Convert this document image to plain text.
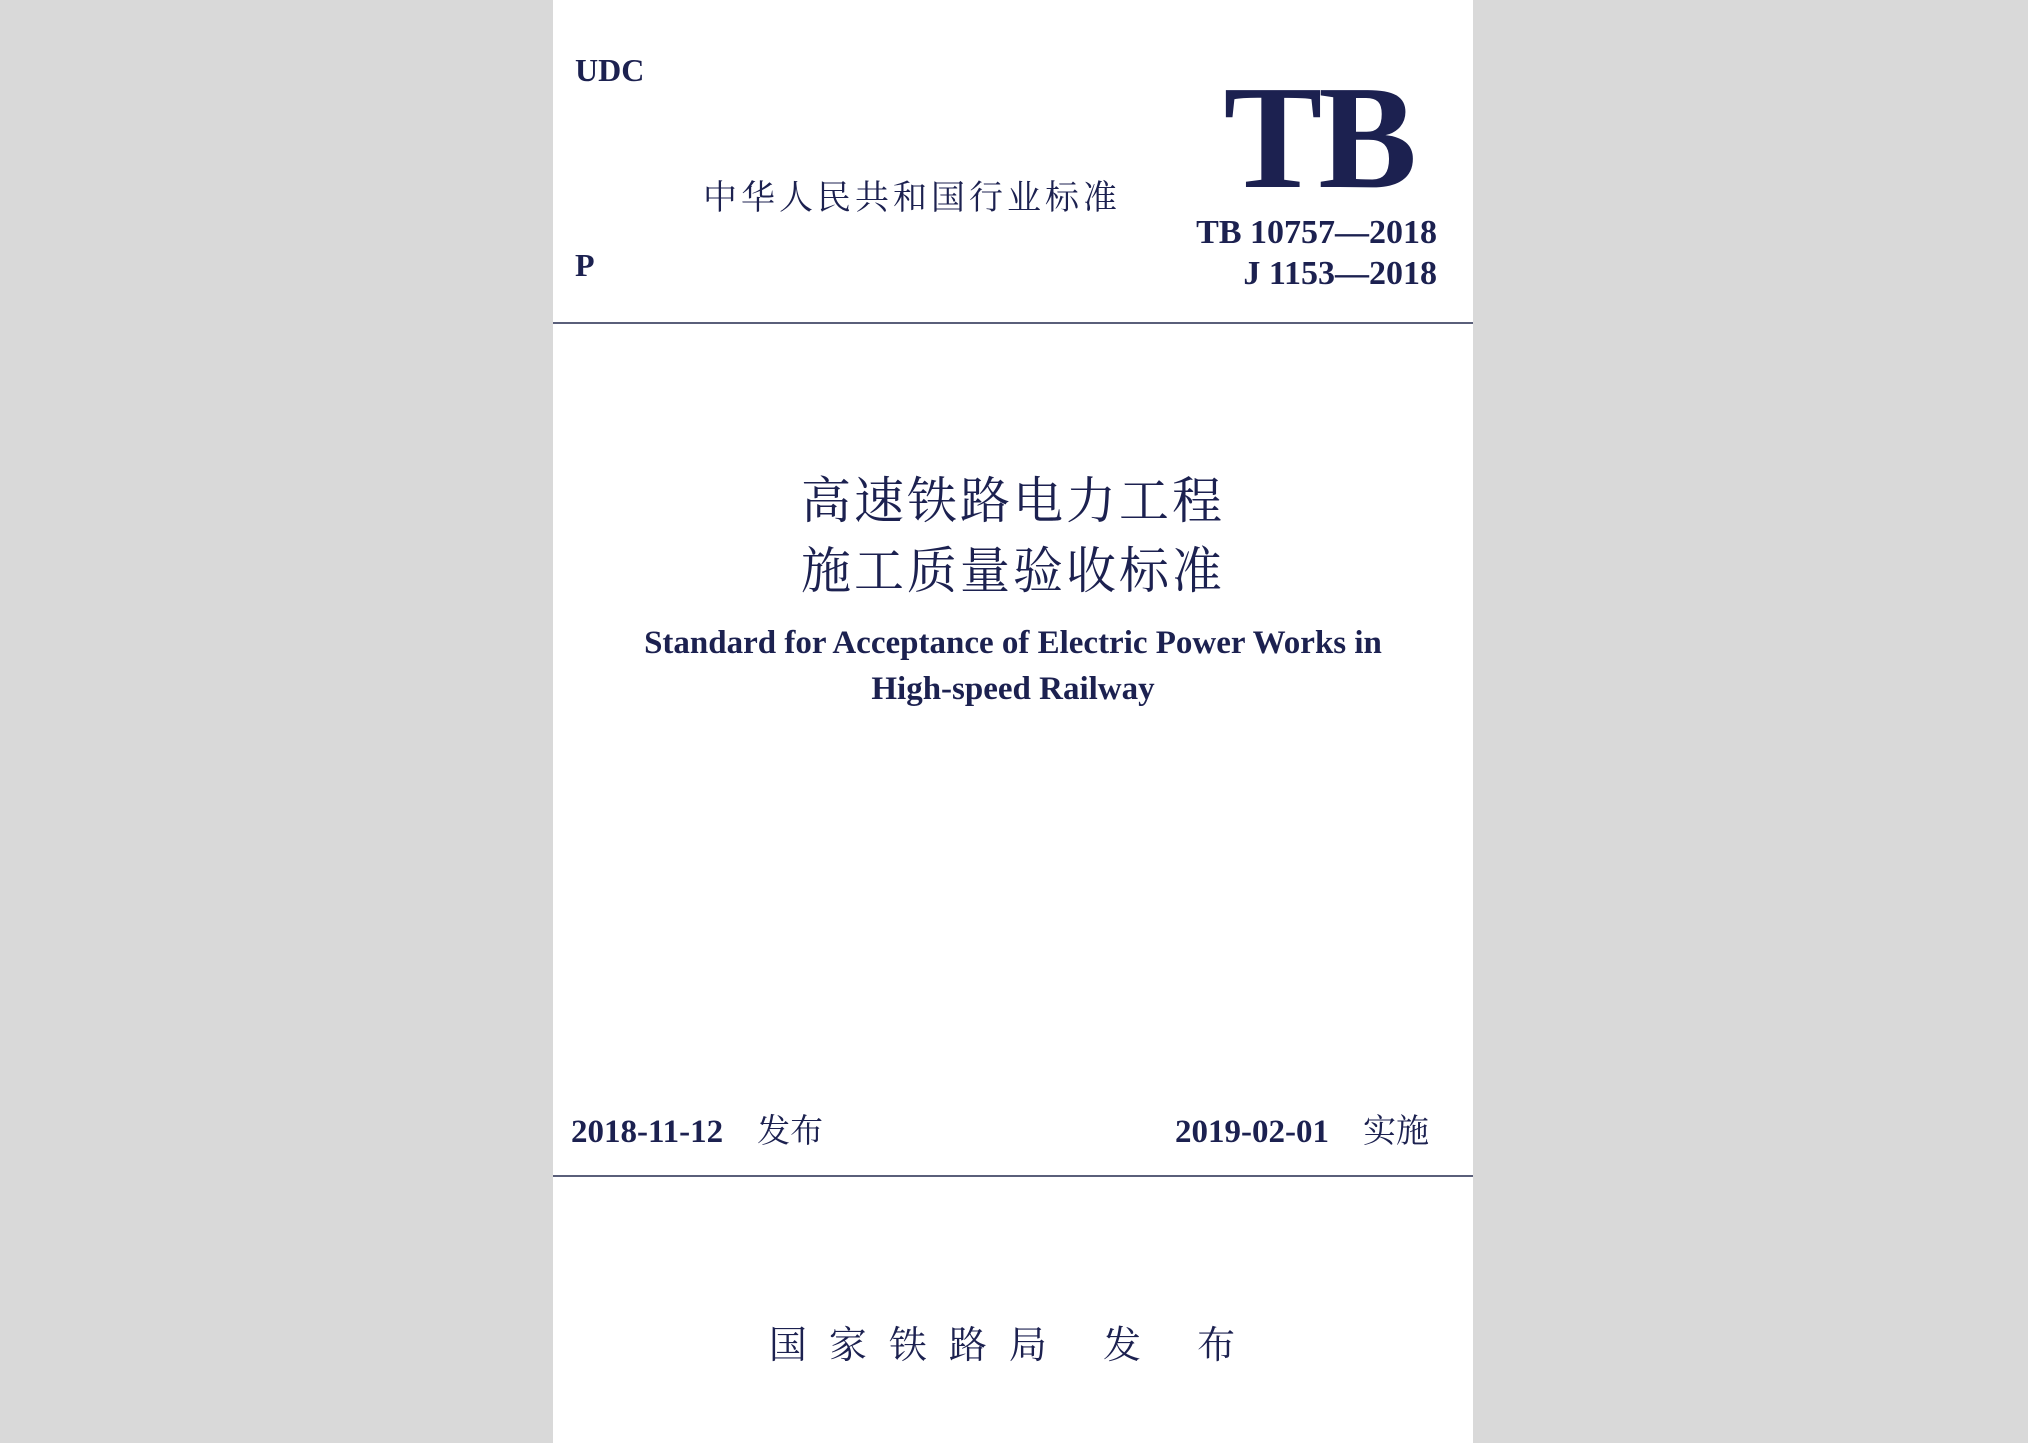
UDC
P
TB
中华人民共和国行业标准
TB 10757—2018
J 1153—2018
高速铁路电力工程
施工质量验收标准
Standard for Acceptance of Electric Power Works in
High-speed Railway
2018-11-12 发布	2019-02-01 实施
国家铁路局 发 布
